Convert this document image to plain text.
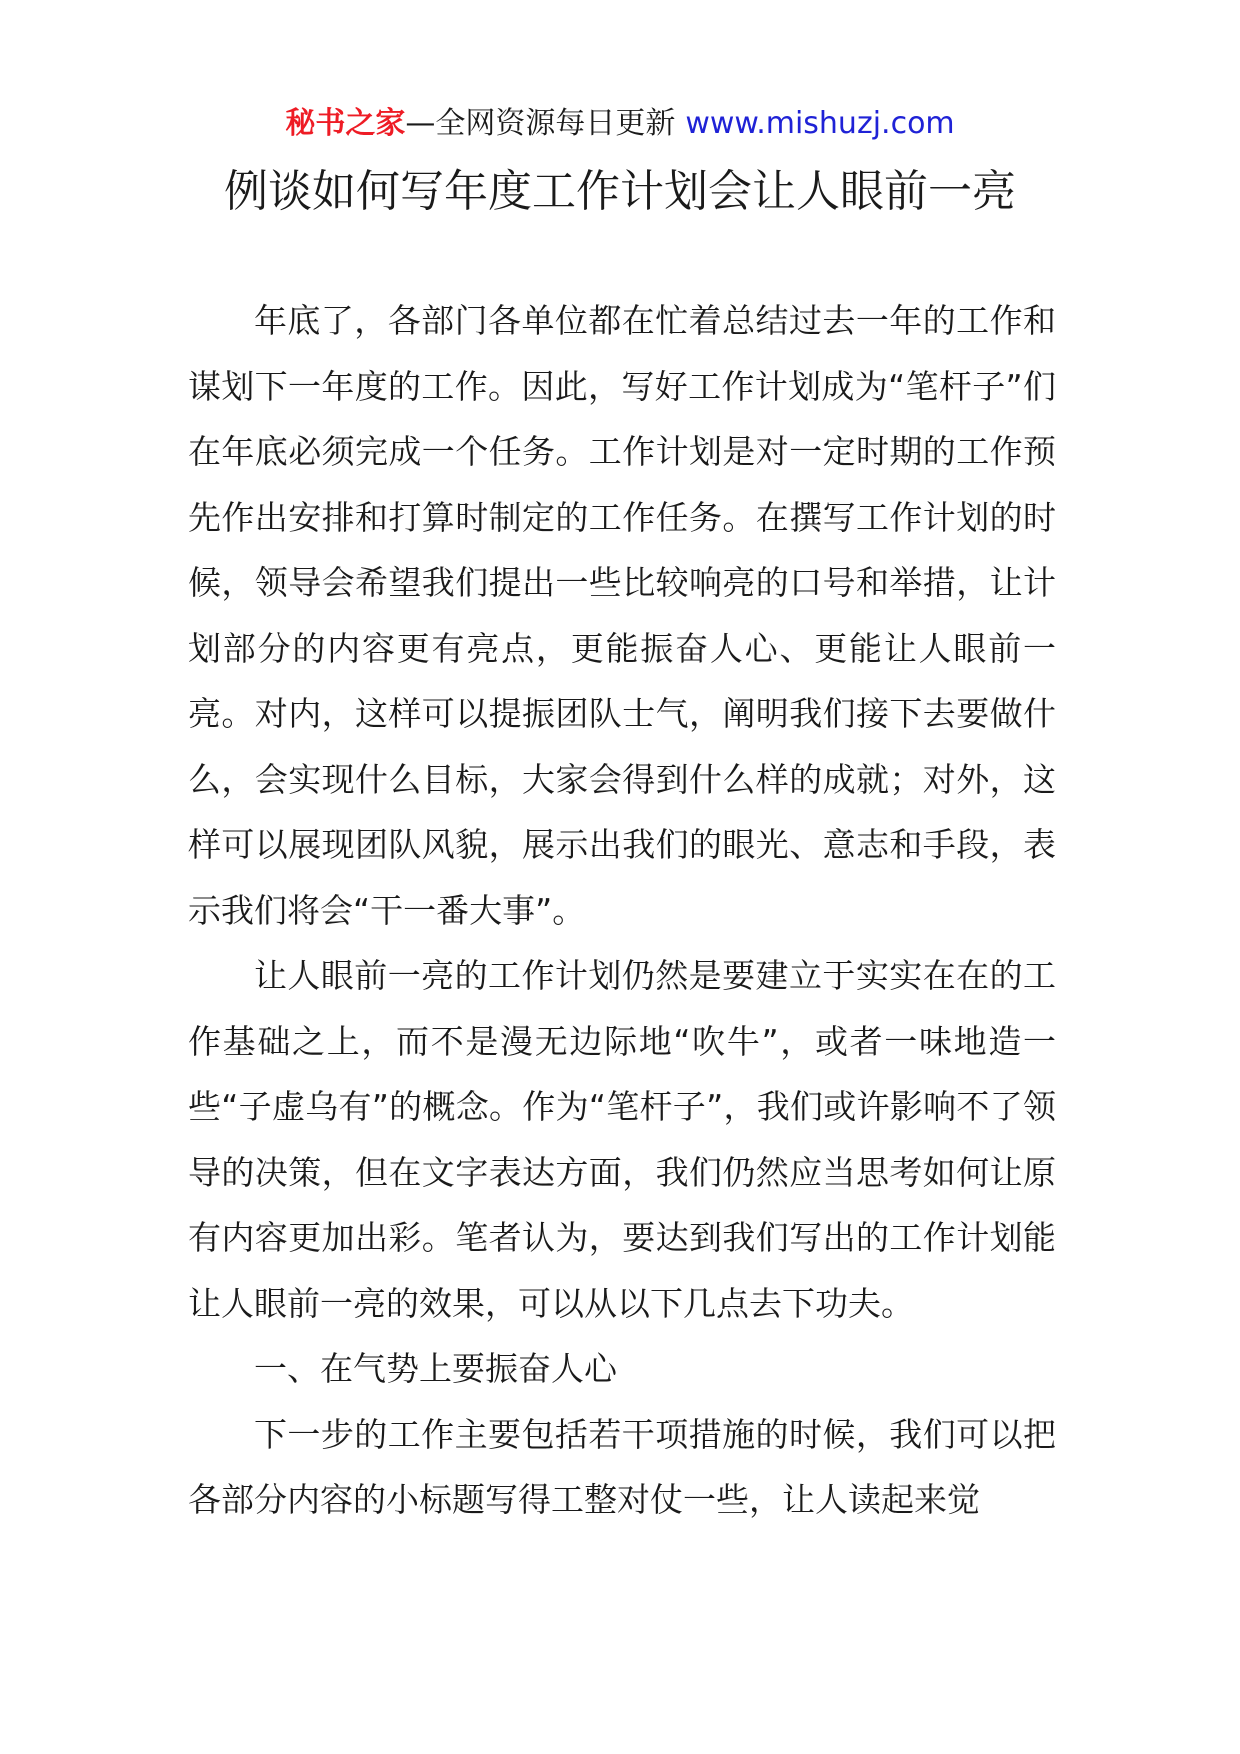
秘书之家—全网资源每日更新 www.mishuzj.com
例谈如何写年度工作计划会让人眼前一亮

年底了，各部门各单位都在忙着总结过去一年的工作和谋划下一年度的工作。因此，写好工作计划成为“笔杆子”们在年底必须完成一个任务。工作计划是对一定时期的工作预先作出安排和打算时制定的工作任务。在撰写工作计划的时候，领导会希望我们提出一些比较响亮的口号和举措，让计划部分的内容更有亮点，更能振奋人心、更能让人眼前一亮。对内，这样可以提振团队士气，阐明我们接下去要做什么，会实现什么目标，大家会得到什么样的成就；对外，这样可以展现团队风貌，展示出我们的眼光、意志和手段，表示我们将会“干一番大事”。

让人眼前一亮的工作计划仍然是要建立于实实在在的工作基础之上，而不是漫无边际地“吹牛”，或者一味地造一些“子虚乌有”的概念。作为“笔杆子”，我们或许影响不了领导的决策，但在文字表达方面，我们仍然应当思考如何让原有内容更加出彩。笔者认为，要达到我们写出的工作计划能让人眼前一亮的效果，可以从以下几点去下功夫。

一、在气势上要振奋人心

下一步的工作主要包括若干项措施的时候，我们可以把各部分内容的小标题写得工整对仗一些，让人读起来觉
